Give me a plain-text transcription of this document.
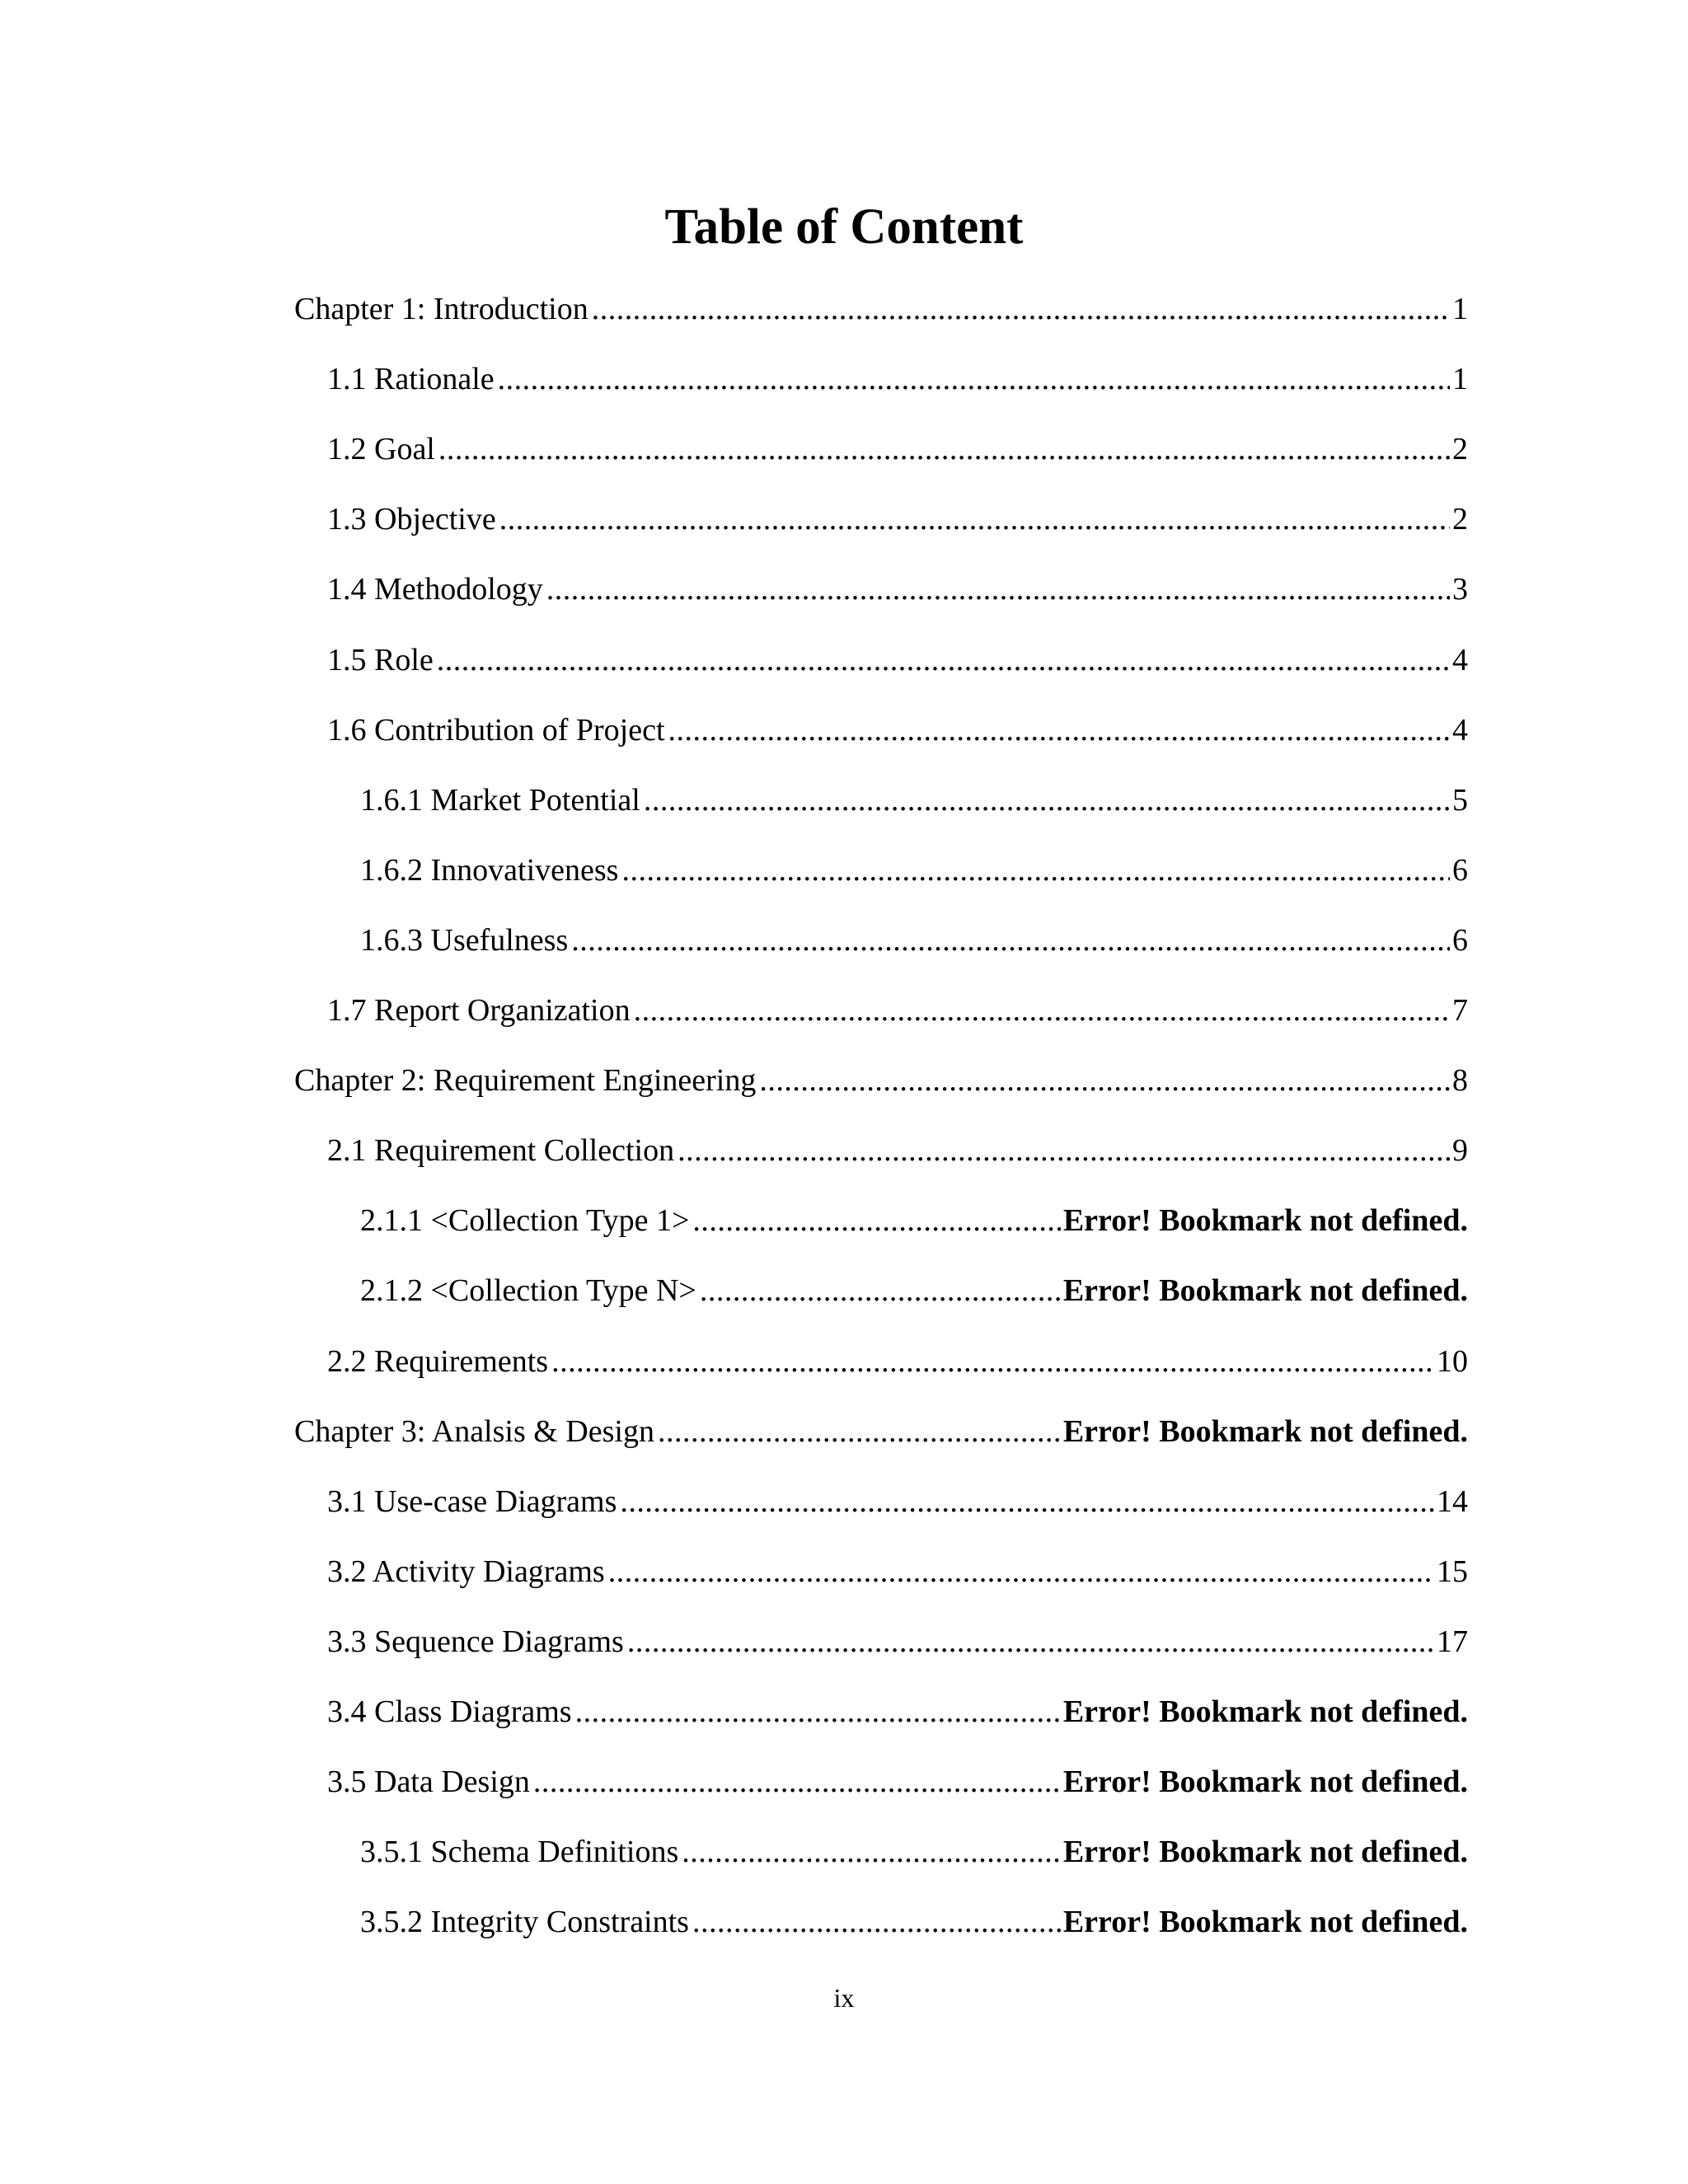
Table of Content
Chapter 1: Introduction .....	1
1.1 Rationale .....	1
1.2 Goal .....	2
1.3 Objective .....	2
1.4 Methodology .....	3
1.5 Role .....	4
1.6 Contribution of Project .....	4
1.6.1 Market Potential .....	5
1.6.2 Innovativeness .....	6
1.6.3 Usefulness .....	6
1.7 Report Organization .....	7
Chapter 2: Requirement Engineering .....	8
2.1 Requirement Collection .....	9
2.1.1 <Collection Type 1> .....	Error! Bookmark not defined.
2.1.2 <Collection Type N> .....	Error! Bookmark not defined.
2.2 Requirements .....	10
Chapter 3: Analsis & Design .....	Error! Bookmark not defined.
3.1 Use-case Diagrams .....	14
3.2 Activity Diagrams .....	15
3.3 Sequence Diagrams .....	17
3.4 Class Diagrams .....	Error! Bookmark not defined.
3.5 Data Design .....	Error! Bookmark not defined.
3.5.1 Schema Definitions .....	Error! Bookmark not defined.
3.5.2 Integrity Constraints .....	Error! Bookmark not defined.
ix
